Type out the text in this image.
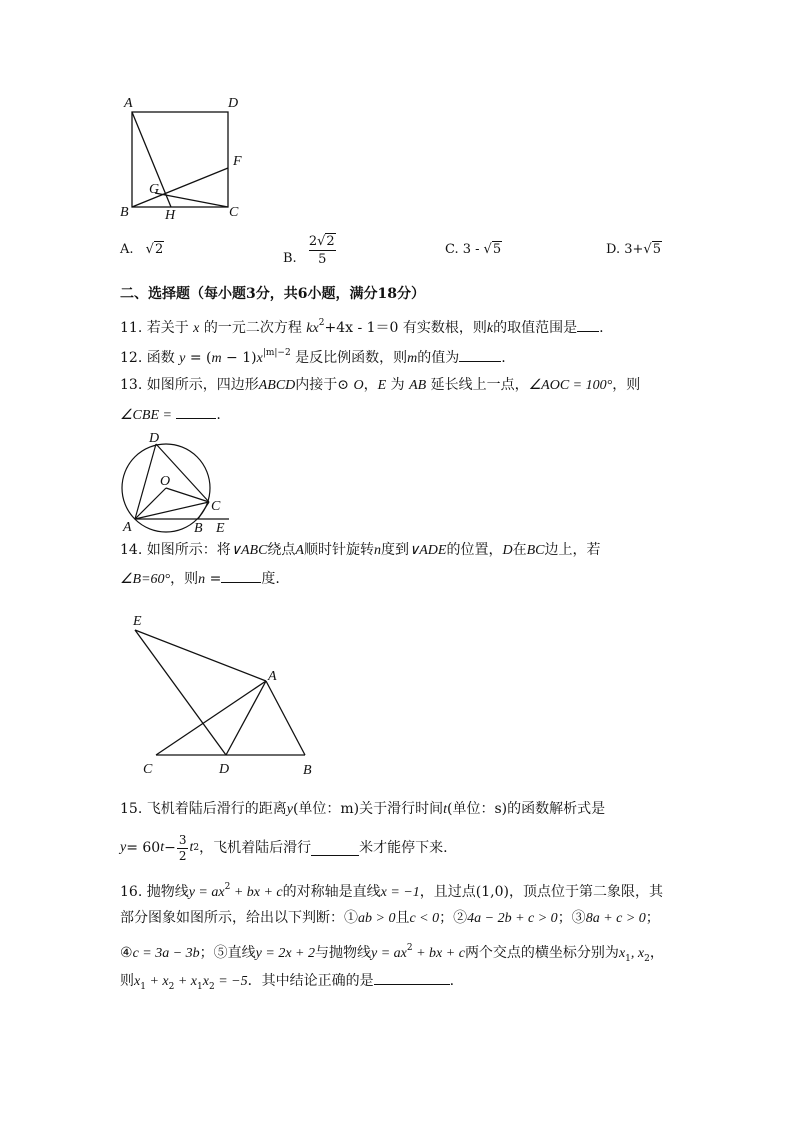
A	D
F
G
B	H	C
A. √2
B. $\frac{2√2}{5}$	C. 3 - √5	D. 3+√5
二、选择题（每小题3分，共6小题，满分18分）
11. 若关于 x 的一元二次方程 $kx^2+4x - 1=0$ 有实数根，则k的取值范围是 .
12. 函数 $y = (m - 1)x^{|m|-2}$ 是反比例函数，则m的值为	.
13. 如图所示，四边形ABCD内接于⊙ O，E 为 AB 延长线上一点，∠AOC = 100°，则
∠CBE =	.
D
O
C
A	B E
14. 如图所示：将∨ABC绕点A顺时针旋转n度到∨ADE的位置，D在BC边上，若
∠B=60°，则n =	度.
E
A
C	D	B
15. 飞机着陆后滑行的距离y(单位：m)关于滑行时间t(单位：s)的函数解析式是
y = 60 $t - \frac{3}{2}$ t 2 ，飞机着陆后滑行	米才能停下来.
16. 抛物线$y = ax^2$ + bx + c的对称轴是直线x = −1，且过点(1,0)，顶点位于第二象限，其
部分图象如图所示，给出以下判断：①ab > 0且c < 0；②4a − 2b + c > 0；③8a + c > 0；
④c = 3a − 3b；⑤直线y = 2x + 2与抛物线$y = ax^2$ + bx + c两个交点的横坐标分别为$x_1$, $x_2$，
则$x_1 + x_2 + x_1x_2 = -5$．其中结论正确的是	.
